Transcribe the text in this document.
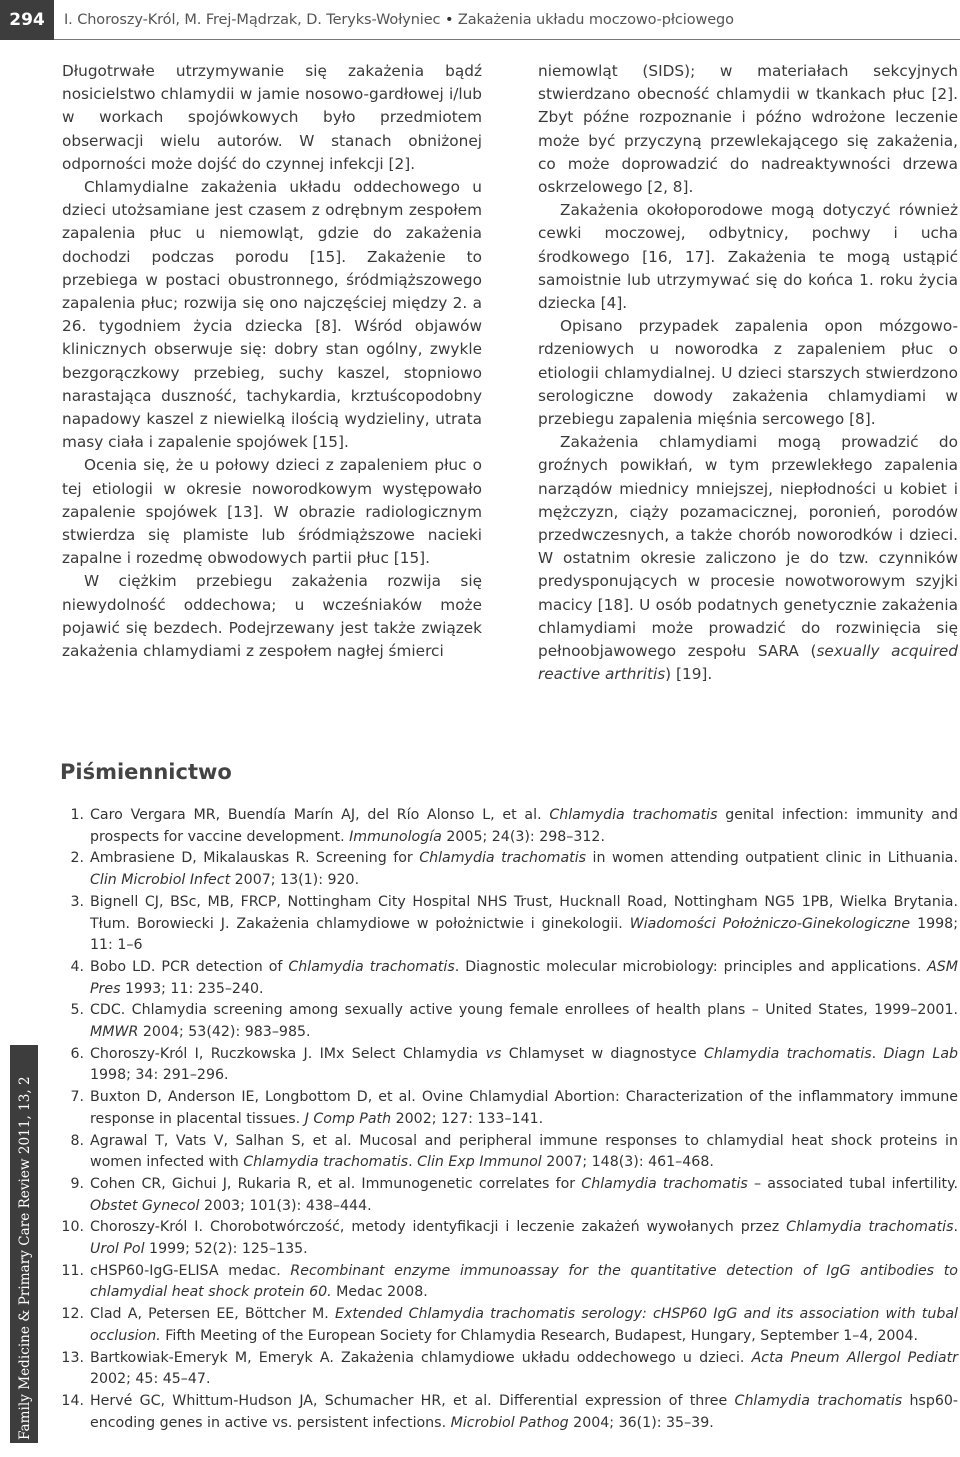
294	I. Choroszy-Król, M. Frej-Mądrzak, D. Teryks-Wołyniec • Zakażenia układu moczowo-płciowego

Długotrwałe utrzymywanie się zakażenia bądź nosicielstwo chlamydii w jamie nosowo-gardłowej i/lub w workach spojówkowych było przedmiotem obserwacji wielu autorów. W stanach obniżonej odporności może dojść do czynnej infekcji [2].

Chlamydialne zakażenia układu oddechowego u dzieci utożsamiane jest czasem z odrębnym zespołem zapalenia płuc u niemowląt, gdzie do zakażenia dochodzi podczas porodu [15]. Zakażenie to przebiega w postaci obustronnego, śródmiąższowego zapalenia płuc; rozwija się ono najczęściej między 2. a 26. tygodniem życia dziecka [8]. Wśród objawów klinicznych obserwuje się: dobry stan ogólny, zwykle bezgorączkowy przebieg, suchy kaszel, stopniowo narastająca duszność, tachykardia, krztuścopodobny napadowy kaszel z niewielką ilością wydzieliny, utrata masy ciała i zapalenie spojówek [15].

Ocenia się, że u połowy dzieci z zapaleniem płuc o tej etiologii w okresie noworodkowym występowało zapalenie spojówek [13]. W obrazie radiologicznym stwierdza się plamiste lub śródmiąższowe nacieki zapalne i rozedmę obwodowych partii płuc [15].

W ciężkim przebiegu zakażenia rozwija się niewydolność oddechowa; u wcześniaków może pojawić się bezdech. Podejrzewany jest także związek zakażenia chlamydiami z zespołem nagłej śmierci

niemowląt (SIDS); w materiałach sekcyjnych stwierdzano obecność chlamydii w tkankach płuc [2]. Zbyt późne rozpoznanie i późno wdrożone leczenie może być przyczyną przewlekającego się zakażenia, co może doprowadzić do nadreaktywności drzewa oskrzelowego [2, 8].

Zakażenia okołoporodowe mogą dotyczyć również cewki moczowej, odbytnicy, pochwy i ucha środkowego [16, 17]. Zakażenia te mogą ustąpić samoistnie lub utrzymywać się do końca 1. roku życia dziecka [4].

Opisano przypadek zapalenia opon mózgowo-rdzeniowych u noworodka z zapaleniem płuc o etiologii chlamydialnej. U dzieci starszych stwierdzono serologiczne dowody zakażenia chlamydiami w przebiegu zapalenia mięśnia sercowego [8].

Zakażenia chlamydiami mogą prowadzić do groźnych powikłań, w tym przewlekłego zapalenia narządów miednicy mniejszej, niepłodności u kobiet i mężczyzn, ciąży pozamacicznej, poronień, porodów przedwczesnych, a także chorób noworodków i dzieci. W ostatnim okresie zaliczono je do tzw. czynników predysponujących w procesie nowotworowym szyjki macicy [18]. U osób podatnych genetycznie zakażenia chlamydiami może prowadzić do rozwinięcia się pełnoobjawowego zespołu SARA (sexually acquired reactive arthritis) [19].

Piśmiennictwo
1. Caro Vergara MR, Buendía Marín AJ, del Río Alonso L, et al. Chlamydia trachomatis genital infection: immunity and prospects for vaccine development. Immunología 2005; 24(3): 298–312.
2. Ambrasiene D, Mikalauskas R. Screening for Chlamydia trachomatis in women attending outpatient clinic in Lithuania. Clin Microbiol Infect 2007; 13(1): 920.
3. Bignell CJ, BSc, MB, FRCP, Nottingham City Hospital NHS Trust, Hucknall Road, Nottingham NG5 1PB, Wielka Brytania. Tłum. Borowiecki J. Zakażenia chlamydiowe w położnictwie i ginekologii. Wiadomości Położniczo-Ginekologiczne 1998; 11: 1–6
4. Bobo LD. PCR detection of Chlamydia trachomatis. Diagnostic molecular microbiology: principles and applications. ASM Pres 1993; 11: 235–240.
5. CDC. Chlamydia screening among sexually active young female enrollees of health plans – United States, 1999–2001. MMWR 2004; 53(42): 983–985.
6. Choroszy-Król I, Ruczkowska J. IMx Select Chlamydia vs Chlamyset w diagnostyce Chlamydia trachomatis. Diagn Lab 1998; 34: 291–296.
7. Buxton D, Anderson IE, Longbottom D, et al. Ovine Chlamydial Abortion: Characterization of the inflammatory immune response in placental tissues. J Comp Path 2002; 127: 133–141.
8. Agrawal T, Vats V, Salhan S, et al. Mucosal and peripheral immune responses to chlamydial heat shock proteins in women infected with Chlamydia trachomatis. Clin Exp Immunol 2007; 148(3): 461–468.
9. Cohen CR, Gichui J, Rukaria R, et al. Immunogenetic correlates for Chlamydia trachomatis – associated tubal infertility. Obstet Gynecol 2003; 101(3): 438–444.
10. Choroszy-Król I. Chorobotwórczość, metody identyfikacji i leczenie zakażeń wywołanych przez Chlamydia trachomatis. Urol Pol 1999; 52(2): 125–135.
11. cHSP60-IgG-ELISA medac. Recombinant enzyme immunoassay for the quantitative detection of IgG antibodies to chlamydial heat shock protein 60. Medac 2008.
12. Clad A, Petersen EE, Böttcher M. Extended Chlamydia trachomatis serology: cHSP60 IgG and its association with tubal occlusion. Fifth Meeting of the European Society for Chlamydia Research, Budapest, Hungary, September 1–4, 2004.
13. Bartkowiak-Emeryk M, Emeryk A. Zakażenia chlamydiowe układu oddechowego u dzieci. Acta Pneum Allergol Pediatr 2002; 45: 45–47.
14. Hervé GC, Whittum-Hudson JA, Schumacher HR, et al. Differential expression of three Chlamydia trachomatis hsp60-encoding genes in active vs. persistent infections. Microbiol Pathog 2004; 36(1): 35–39.
Family Medicine & Primary Care Review 2011, 13, 2
